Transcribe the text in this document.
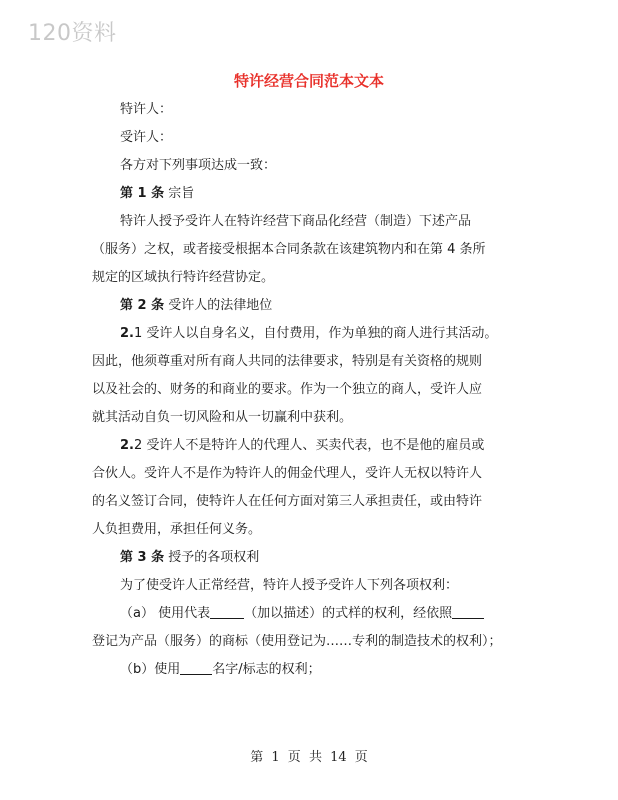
120资料
特许经营合同范本文本
特许人：
受许人：
各方对下列事项达成一致：
第 1 条 宗旨
特许人授予受许人在特许经营下商品化经营（制造）下述产品
（服务）之权，或者接受根据本合同条款在该建筑物内和在第 4 条所
规定的区域执行特许经营协定。
第 2 条 受许人的法律地位
2.1 受许人以自身名义，自付费用，作为单独的商人进行其活动。
因此，他须尊重对所有商人共同的法律要求，特别是有关资格的规则
以及社会的、财务的和商业的要求。作为一个独立的商人，受许人应
就其活动自负一切风险和从一切赢利中获利。
2.2 受许人不是特许人的代理人、买卖代表，也不是他的雇员或
合伙人。受许人不是作为特许人的佣金代理人，受许人无权以特许人
的名义签订合同，使特许人在任何方面对第三人承担责任，或由特许
人负担费用，承担任何义务。
第 3 条 授予的各项权利
为了使受许人正常经营，特许人授予受许人下列各项权利：
（a） 使用代表	（加以描述）的式样的权利，经依照
登记为产品（服务）的商标（使用登记为……专利的制造技术的权利）；
（b）使用 名字/标志的权利；
第 1 页 共 14 页
